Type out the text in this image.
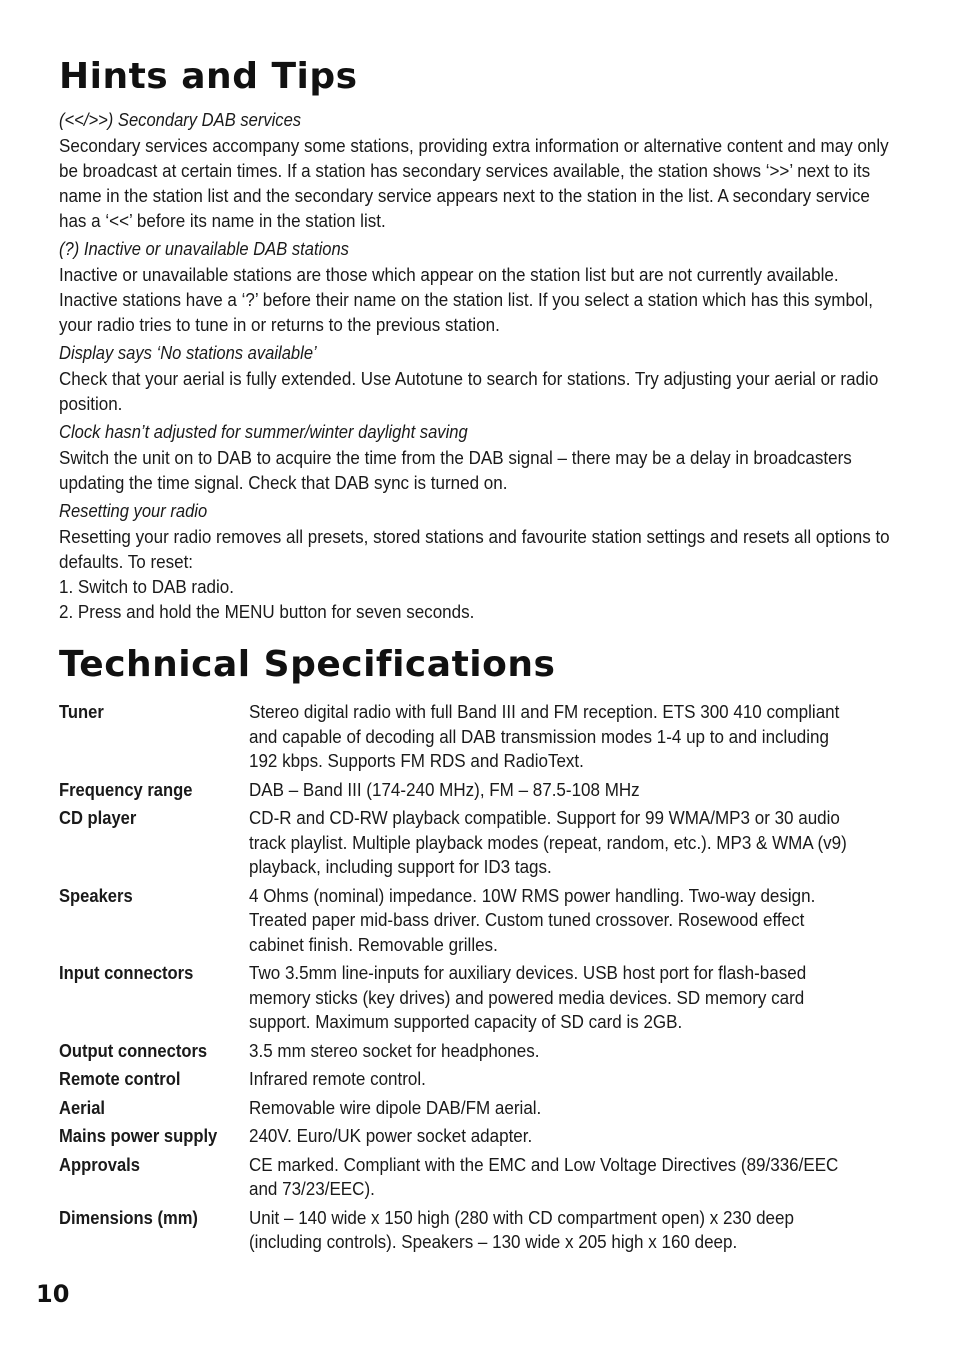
Hints and Tips
(<</>>) Secondary DAB services
Secondary services accompany some stations, providing extra information or alternative content and may only be broadcast at certain times. If a station has secondary services available, the station shows ‘>>’ next to its name in the station list and the secondary service appears next to the station in the list. A secondary service has a ‘<<’ before its name in the station list.
(?) Inactive or unavailable DAB stations
Inactive or unavailable stations are those which appear on the station list but are not currently available. Inactive stations have a ‘?’ before their name on the station list. If you select a station which has this symbol, your radio tries to tune in or returns to the previous station.
Display says ‘No stations available’
Check that your aerial is fully extended. Use Autotune to search for stations. Try adjusting your aerial or radio position.
Clock hasn’t adjusted for summer/winter daylight saving
Switch the unit on to DAB to acquire the time from the DAB signal – there may be a delay in broadcasters updating the time signal. Check that DAB sync is turned on.
Resetting your radio
Resetting your radio removes all presets, stored stations and favourite station settings and resets all options to defaults. To reset:
1. Switch to DAB radio.
2. Press and hold the MENU button for seven seconds.
Technical Specifications
Tuner	Stereo digital radio with full Band III and FM reception. ETS 300 410 compliant and capable of decoding all DAB transmission modes 1-4 up to and including 192 kbps. Supports FM RDS and RadioText.

Frequency range	DAB – Band III (174-240 MHz), FM – 87.5-108 MHz

CD player	CD-R and CD-RW playback compatible. Support for 99 WMA/MP3 or 30 audio track playlist. Multiple playback modes (repeat, random, etc.). MP3 & WMA (v9) playback, including support for ID3 tags.

Speakers	4 Ohms (nominal) impedance. 10W RMS power handling. Two-way design. Treated paper mid-bass driver. Custom tuned crossover. Rosewood effect cabinet finish. Removable grilles.

Input connectors	Two 3.5mm line-inputs for auxiliary devices. USB host port for flash-based memory sticks (key drives) and powered media devices. SD memory card support. Maximum supported capacity of SD card is 2GB.

Output connectors	3.5 mm stereo socket for headphones.

Remote control	Infrared remote control.

Aerial	Removable wire dipole DAB/FM aerial.

Mains power supply	240V. Euro/UK power socket adapter.

Approvals	CE marked. Compliant with the EMC and Low Voltage Directives (89/336/EEC and 73/23/EEC).

Dimensions (mm)	Unit – 140 wide x 150 high (280 with CD compartment open) x 230 deep (including controls). Speakers – 130 wide x 205 high x 160 deep.
10
